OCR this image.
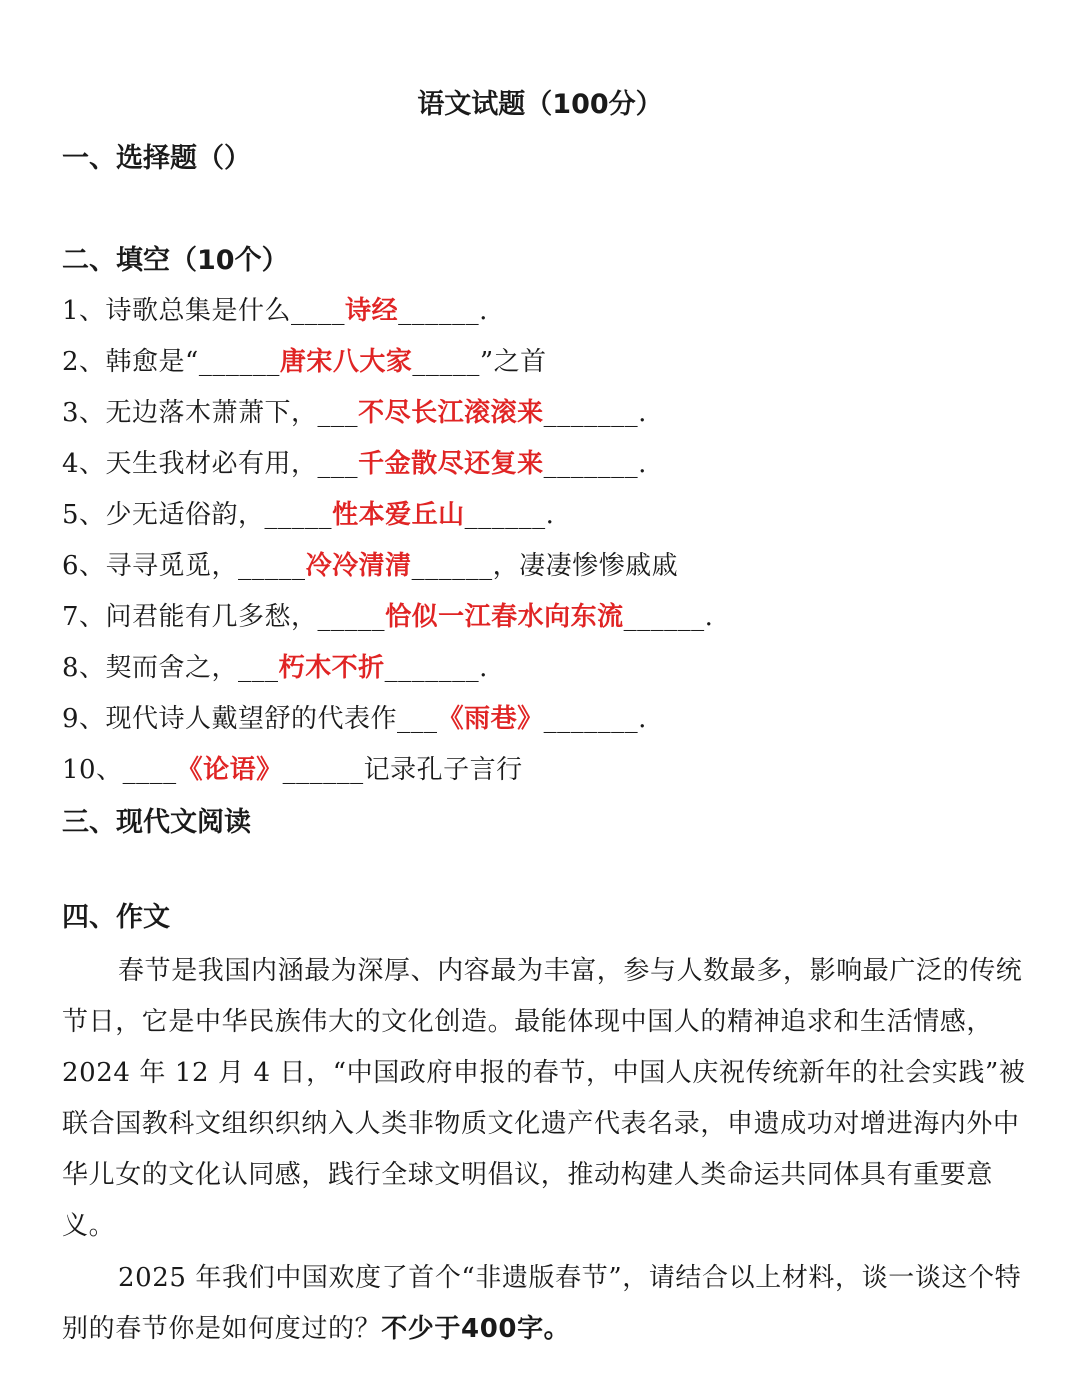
语文试题（100分）
一、选择题（）
二、填空（10个）
1、诗歌总集是什么____诗经______.
2、韩愈是“______唐宋八大家_____”之首
3、无边落木萧萧下，___不尽长江滚滚来_______.
4、天生我材必有用，___千金散尽还复来_______.
5、少无适俗韵，_____性本爱丘山______.
6、寻寻觅觅，_____冷冷清清______，凄凄惨惨戚戚
7、问君能有几多愁，_____恰似一江春水向东流______.
8、契而舍之，___朽木不折_______.
9、现代诗人戴望舒的代表作___《雨巷》_______.
10、____《论语》______记录孔子言行
三、现代文阅读
四、作文
春节是我国内涵最为深厚、内容最为丰富，参与人数最多，影响最广泛的传统节日，它是中华民族伟大的文化创造。最能体现中国人的精神追求和生活情感，2024 年 12 月 4 日，“中国政府申报的春节，中国人庆祝传统新年的社会实践”被联合国教科文组织织纳入人类非物质文化遗产代表名录，申遗成功对增进海内外中华儿女的文化认同感，践行全球文明倡议，推动构建人类命运共同体具有重要意义。
2025 年我们中国欢度了首个“非遗版春节”，请结合以上材料，谈一谈这个特别的春节你是如何度过的？不少于400字。
